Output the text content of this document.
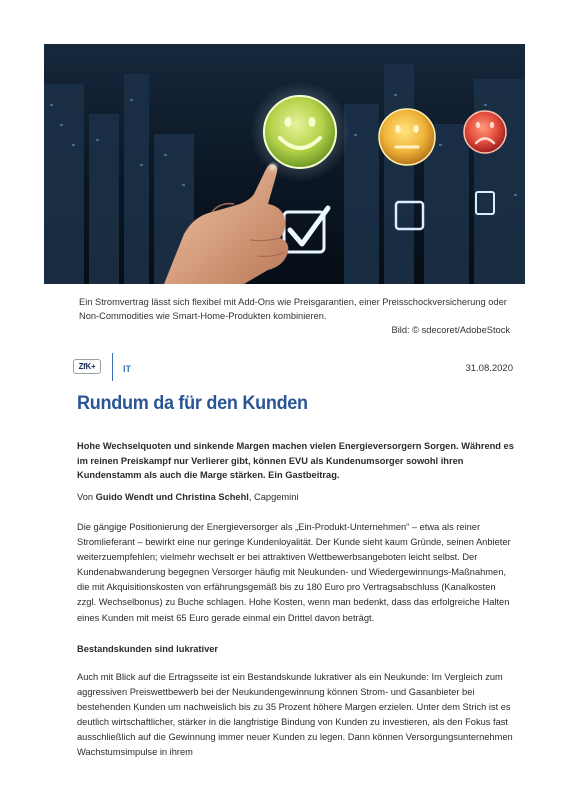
Ein Stromvertrag lässt sich flexibel mit Add-Ons wie Preisgarantien, einer Preisschockversicherung oder Non-Commodities wie Smart-Home-Produkten kombinieren.
Bild: © sdecoret/AdobeStock
ZfK+	IT	31.08.2020
Rundum da für den Kunden

Hohe Wechselquoten und sinkende Margen machen vielen Energieversorgern Sorgen. Während es im reinen Preiskampf nur Verlierer gibt, können EVU als Kundenumsorger sowohl ihren Kundenstamm als auch die Marge stärken. Ein Gastbeitrag.

Von Guido Wendt und Christina Schehl, Capgemini

Die gängige Positionierung der Energieversorger als „Ein-Produkt-Unternehmen“ – etwa als reiner Stromlieferant – bewirkt eine nur geringe Kundenloyalität. Der Kunde sieht kaum Gründe, seinen Anbieter weiterzuempfehlen; vielmehr wechselt er bei attraktiven Wettbewerbsangeboten leicht selbst. Der Kundenabwanderung begegnen Versorger häufig mit Neukunden- und Wiedergewinnungs-Maßnahmen, die mit Akquisitionskosten von erfährungsgemäß bis zu 180 Euro pro Vertragsabschluss (Kanalkosten zzgl. Wechselbonus) zu Buche schlagen. Hohe Kosten, wenn man bedenkt, dass das erfolgreiche Halten eines Kunden mit meist 65 Euro gerade einmal ein Drittel davon beträgt.

Bestandskunden sind lukrativer

Auch mit Blick auf die Ertragsseite ist ein Bestandskunde lukrativer als ein Neukunde: Im Vergleich zum aggressiven Preiswettbewerb bei der Neukundengewinnung können Strom- und Gasanbieter bei bestehenden Kunden um nachweislich bis zu 35 Prozent höhere Margen erzielen. Unter dem Strich ist es deutlich wirtschaftlicher, stärker in die langfristige Bindung von Kunden zu investieren, als den Fokus fast ausschließlich auf die Gewinnung immer neuer Kunden zu legen. Dann können Versorgungsunternehmen Wachstumsimpulse in ihrem
